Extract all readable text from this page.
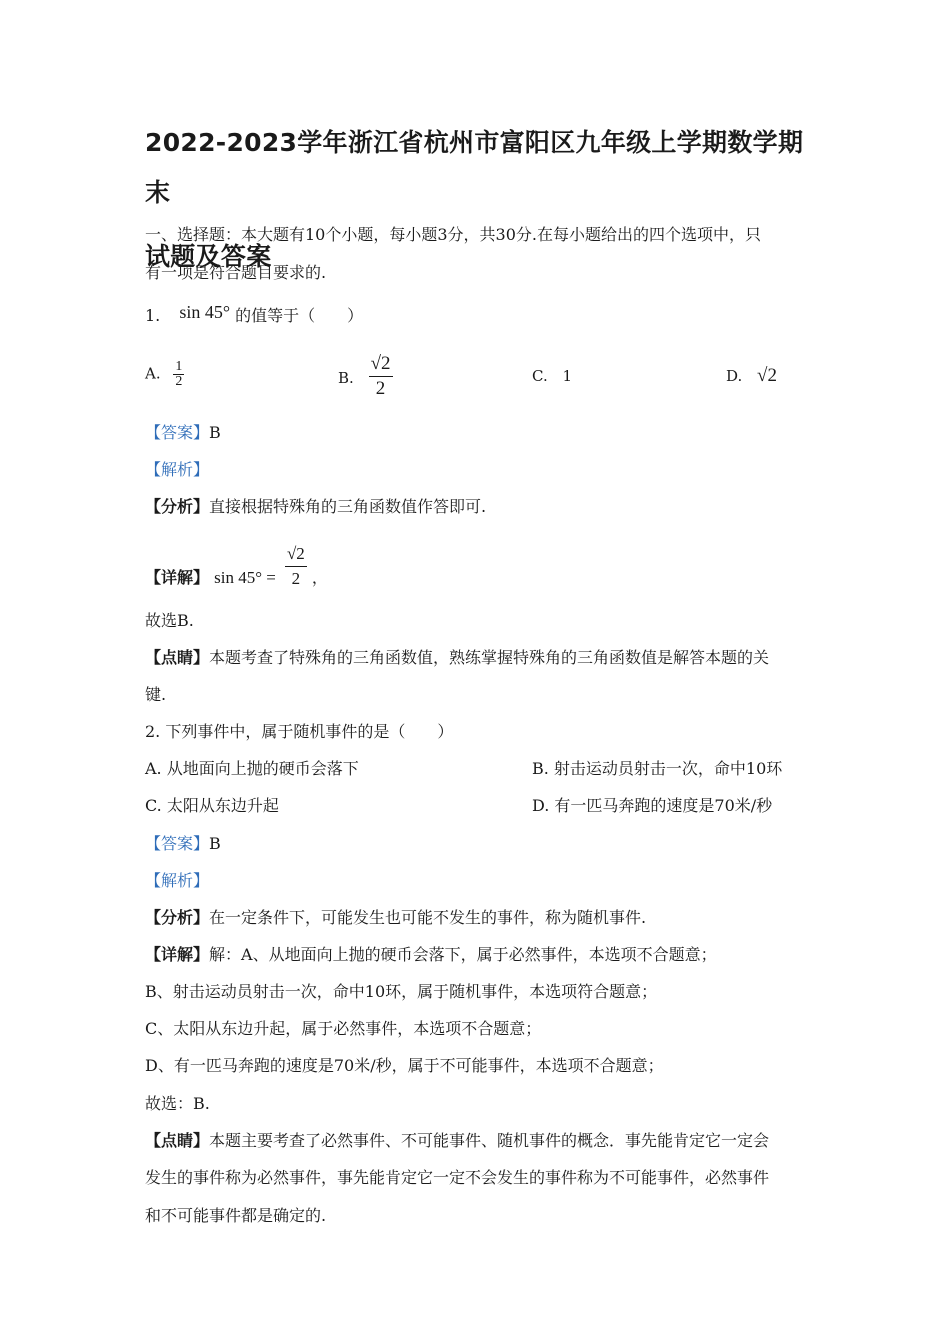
2022-2023学年浙江省杭州市富阳区九年级上学期数学期末
试题及答案
一、选择题：本大题有10个小题，每小题3分，共30分.在每小题给出的四个选项中，只
有一项是符合题目要求的.
1. sin 45° 的值等于（　　）
A. $\frac{1}{2}$	B. $\frac{√2}{2}$	C. 1	D. √2
【答案】B
【解析】
【分析】直接根据特殊角的三角函数值作答即可.
【详解】 $\sin 45^\circ = \frac{√2}{2}$ ，
故选B.
【点睛】本题考查了特殊角的三角函数值，熟练掌握特殊角的三角函数值是解答本题的关
键.
2. 下列事件中，属于随机事件的是（　　）
A. 从地面向上抛的硬币会落下	B. 射击运动员射击一次，命中10环
C. 太阳从东边升起	D. 有一匹马奔跑的速度是70米/秒
【答案】B
【解析】
【分析】在一定条件下，可能发生也可能不发生的事件，称为随机事件.
【详解】解：A、从地面向上抛的硬币会落下，属于必然事件，本选项不合题意；
B、射击运动员射击一次，命中10环，属于随机事件，本选项符合题意；
C、太阳从东边升起，属于必然事件，本选项不合题意；
D、有一匹马奔跑的速度是70米/秒，属于不可能事件，本选项不合题意；
故选：B.
【点睛】本题主要考查了必然事件、不可能事件、随机事件的概念．事先能肯定它一定会
发生的事件称为必然事件，事先能肯定它一定不会发生的事件称为不可能事件，必然事件
和不可能事件都是确定的.
